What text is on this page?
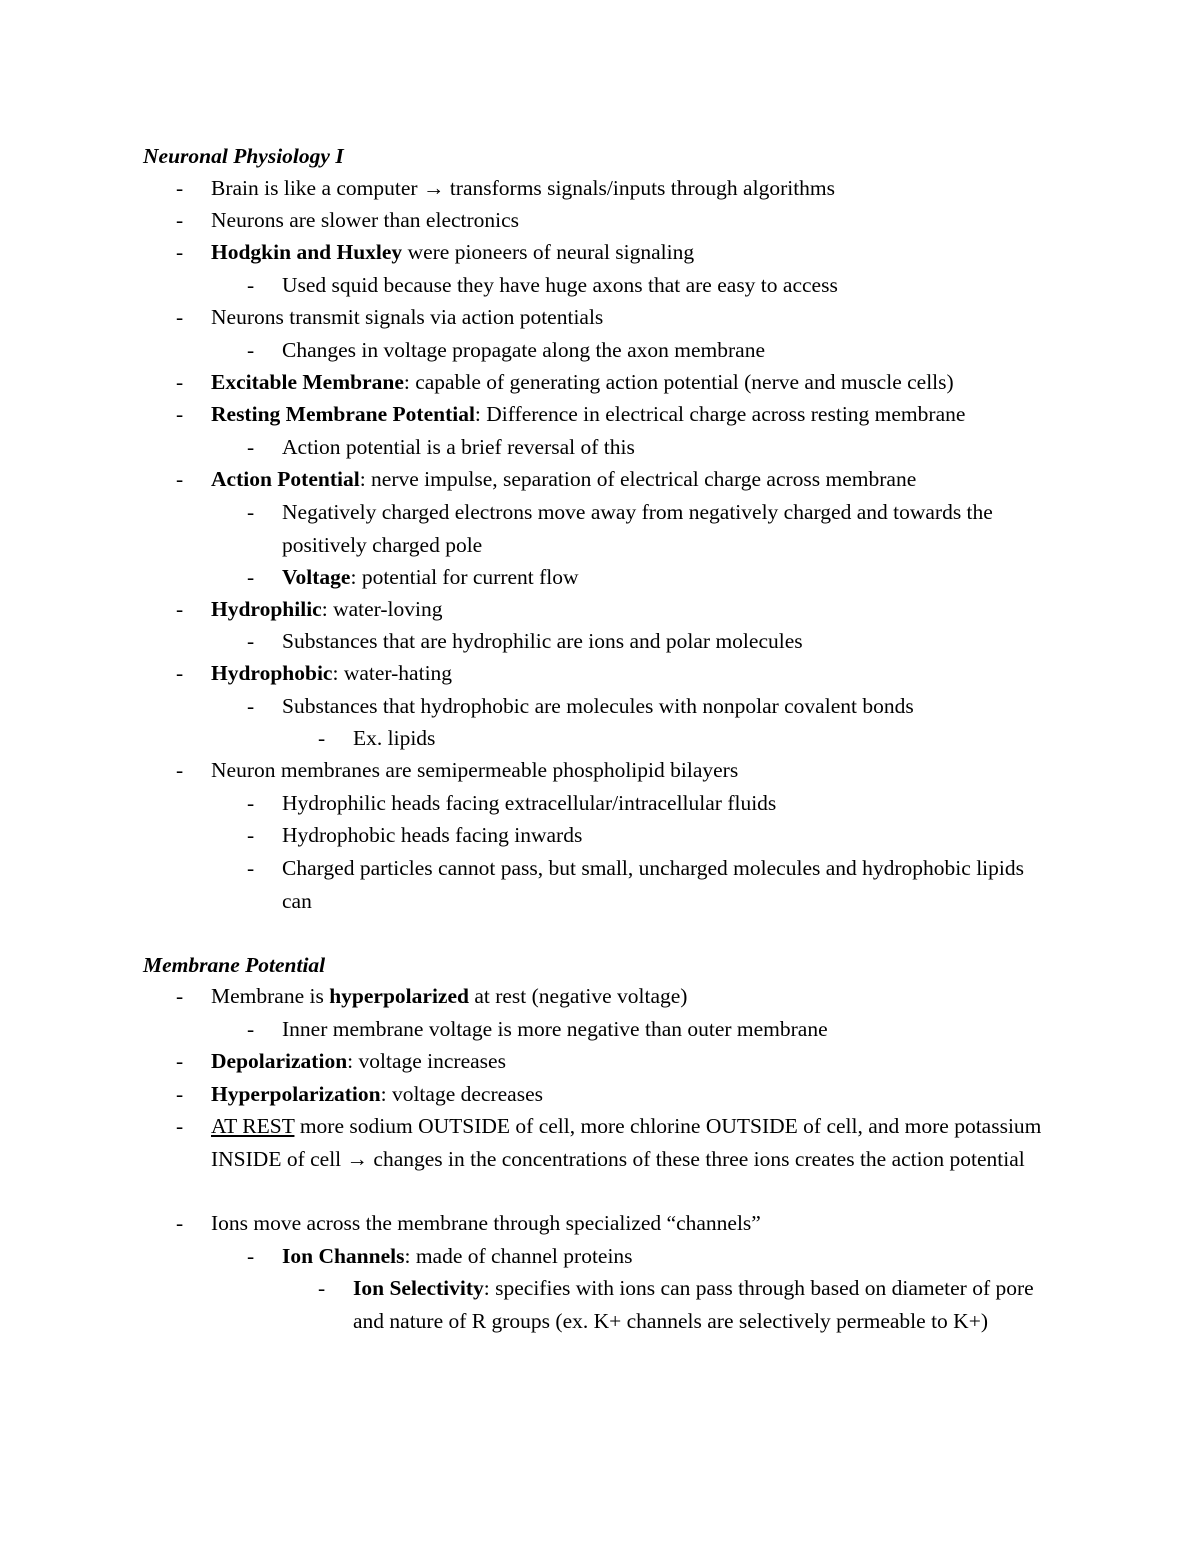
Neuronal Physiology I
- Brain is like a computer → transforms signals/inputs through algorithms
- Neurons are slower than electronics
- Hodgkin and Huxley were pioneers of neural signaling
- Used squid because they have huge axons that are easy to access
- Neurons transmit signals via action potentials
- Changes in voltage propagate along the axon membrane
- Excitable Membrane: capable of generating action potential (nerve and muscle cells)
- Resting Membrane Potential: Difference in electrical charge across resting membrane
- Action potential is a brief reversal of this
- Action Potential: nerve impulse, separation of electrical charge across membrane
- Negatively charged electrons move away from negatively charged and towards the positively charged pole
- Voltage: potential for current flow
- Hydrophilic: water-loving
- Substances that are hydrophilic are ions and polar molecules
- Hydrophobic: water-hating
- Substances that hydrophobic are molecules with nonpolar covalent bonds
- Ex. lipids
- Neuron membranes are semipermeable phospholipid bilayers
- Hydrophilic heads facing extracellular/intracellular fluids
- Hydrophobic heads facing inwards
- Charged particles cannot pass, but small, uncharged molecules and hydrophobic lipids can
Membrane Potential
- Membrane is hyperpolarized at rest (negative voltage)
- Inner membrane voltage is more negative than outer membrane
- Depolarization: voltage increases
- Hyperpolarization: voltage decreases
- AT REST more sodium OUTSIDE of cell, more chlorine OUTSIDE of cell, and more potassium INSIDE of cell → changes in the concentrations of these three ions creates the action potential
- Ions move across the membrane through specialized “channels”
- Ion Channels: made of channel proteins
- Ion Selectivity: specifies with ions can pass through based on diameter of pore and nature of R groups (ex. K+ channels are selectively permeable to K+)
